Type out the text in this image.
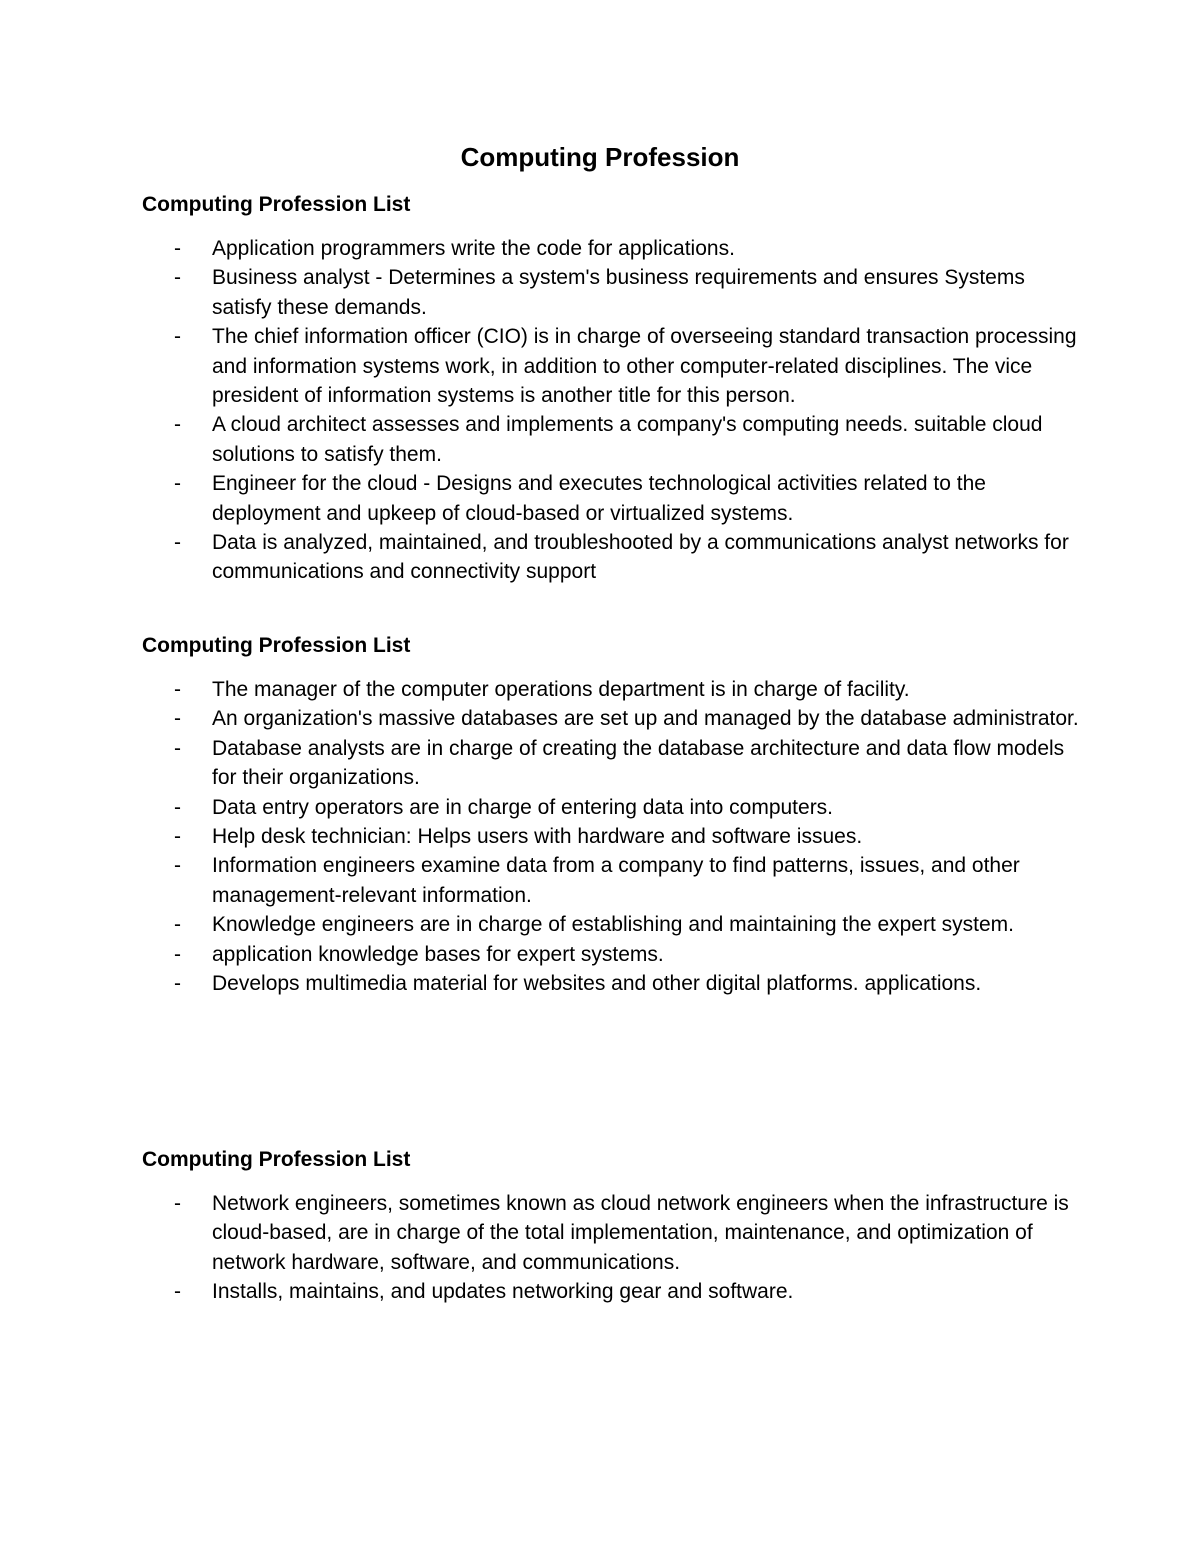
Computing Profession
Computing Profession List
- Application programmers write the code for applications.
- Business analyst - Determines a system's business requirements and ensures Systems satisfy these demands.
- The chief information officer (CIO) is in charge of overseeing standard transaction processing and information systems work, in addition to other computer-related disciplines. The vice president of information systems is another title for this person.
- A cloud architect assesses and implements a company's computing needs. suitable cloud solutions to satisfy them.
- Engineer for the cloud - Designs and executes technological activities related to the deployment and upkeep of cloud-based or virtualized systems.
- Data is analyzed, maintained, and troubleshooted by a communications analyst networks for communications and connectivity support
Computing Profession List
- The manager of the computer operations department is in charge of facility.
- An organization's massive databases are set up and managed by the database administrator.
- Database analysts are in charge of creating the database architecture and data flow models for their organizations.
- Data entry operators are in charge of entering data into computers.
- Help desk technician: Helps users with hardware and software issues.
- Information engineers examine data from a company to find patterns, issues, and other management-relevant information.
- Knowledge engineers are in charge of establishing and maintaining the expert system.
- application knowledge bases for expert systems.
- Develops multimedia material for websites and other digital platforms. applications.
Computing Profession List
- Network engineers, sometimes known as cloud network engineers when the infrastructure is cloud-based, are in charge of the total implementation, maintenance, and optimization of network hardware, software, and communications.
- Installs, maintains, and updates networking gear and software.
